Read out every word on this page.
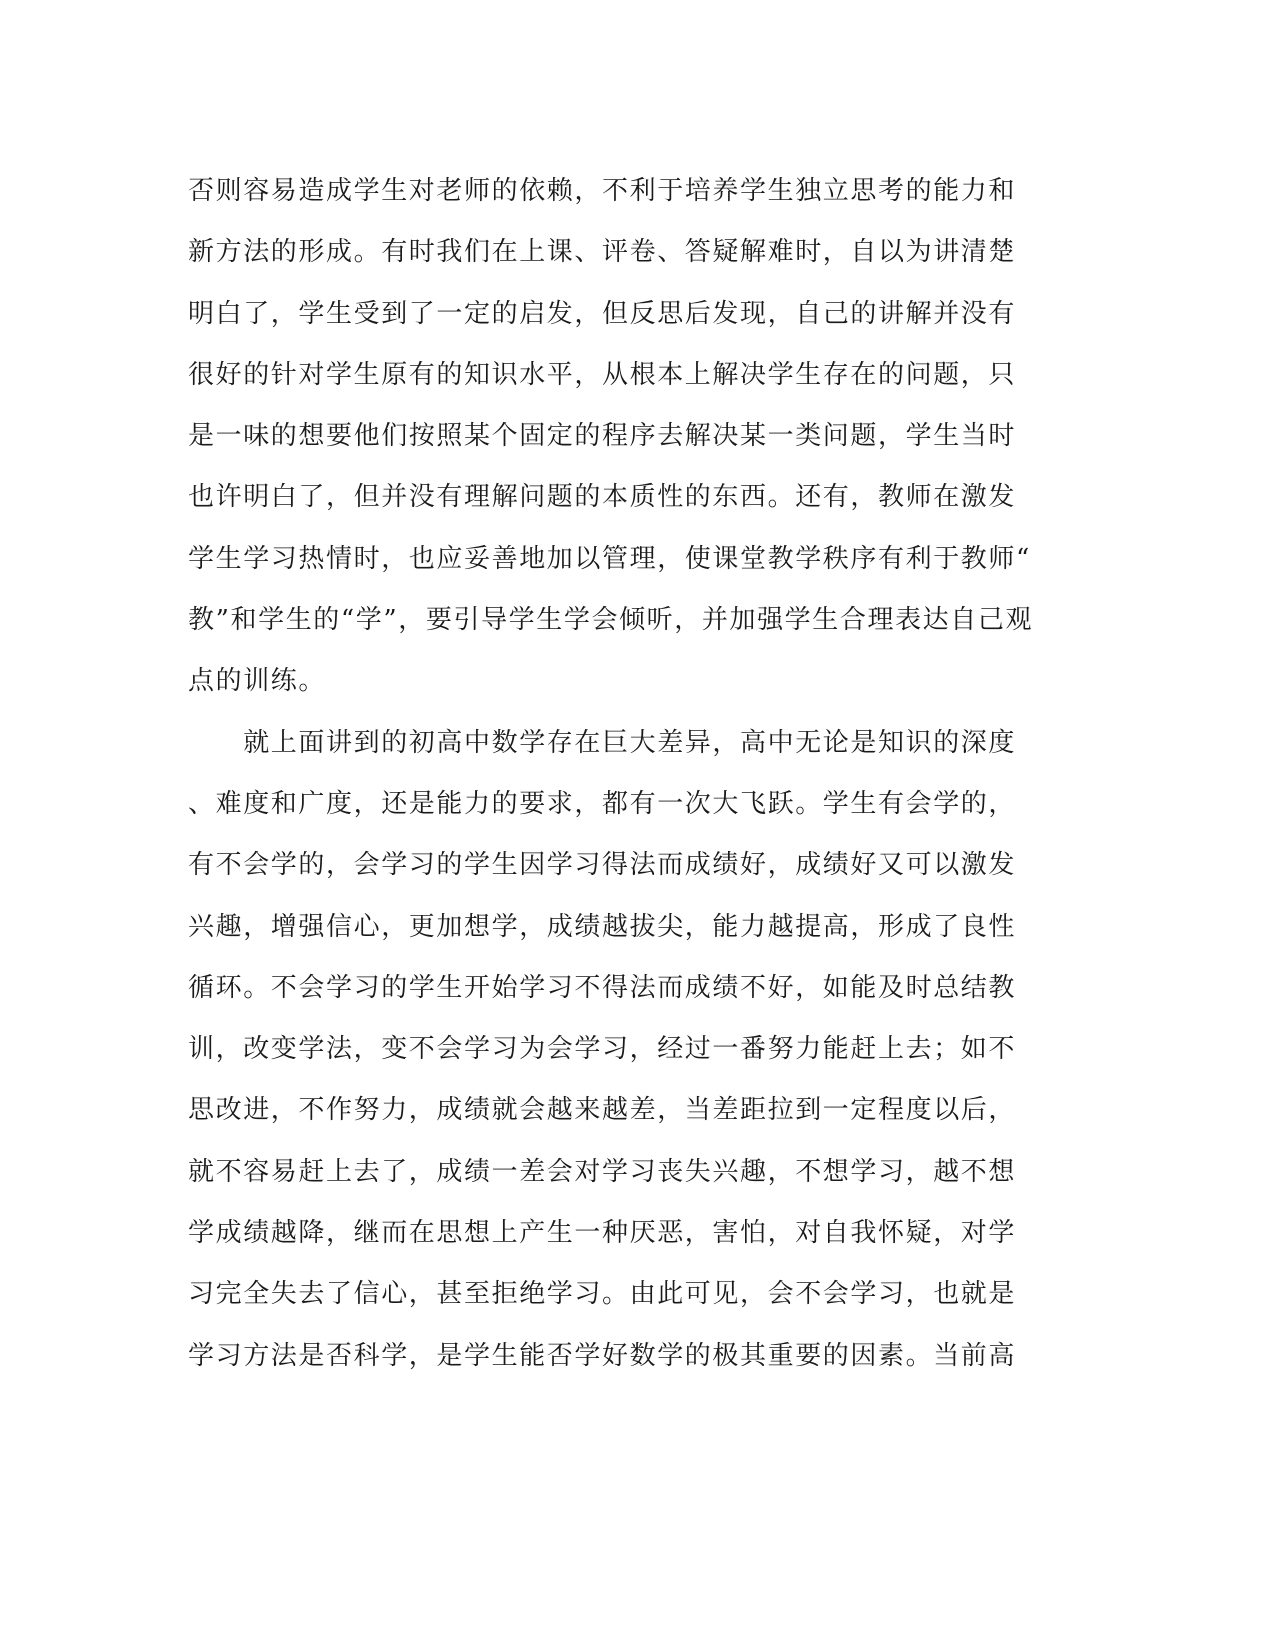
否则容易造成学生对老师的依赖，不利于培养学生独立思考的能力和
新方法的形成。有时我们在上课、评卷、答疑解难时，自以为讲清楚
明白了，学生受到了一定的启发，但反思后发现，自己的讲解并没有
很好的针对学生原有的知识水平，从根本上解决学生存在的问题，只
是一味的想要他们按照某个固定的程序去解决某一类问题，学生当时
也许明白了，但并没有理解问题的本质性的东西。还有，教师在激发
学生学习热情时，也应妥善地加以管理，使课堂教学秩序有利于教师“
教”和学生的“学”，要引导学生学会倾听，并加强学生合理表达自己观
点的训练。
　　就上面讲到的初高中数学存在巨大差异，高中无论是知识的深度
、难度和广度，还是能力的要求，都有一次大飞跃。学生有会学的，
有不会学的，会学习的学生因学习得法而成绩好，成绩好又可以激发
兴趣，增强信心，更加想学，成绩越拔尖，能力越提高，形成了良性
循环。不会学习的学生开始学习不得法而成绩不好，如能及时总结教
训，改变学法，变不会学习为会学习，经过一番努力能赶上去；如不
思改进，不作努力，成绩就会越来越差，当差距拉到一定程度以后，
就不容易赶上去了，成绩一差会对学习丧失兴趣，不想学习，越不想
学成绩越降，继而在思想上产生一种厌恶，害怕，对自我怀疑，对学
习完全失去了信心，甚至拒绝学习。由此可见，会不会学习，也就是
学习方法是否科学，是学生能否学好数学的极其重要的因素。当前高
